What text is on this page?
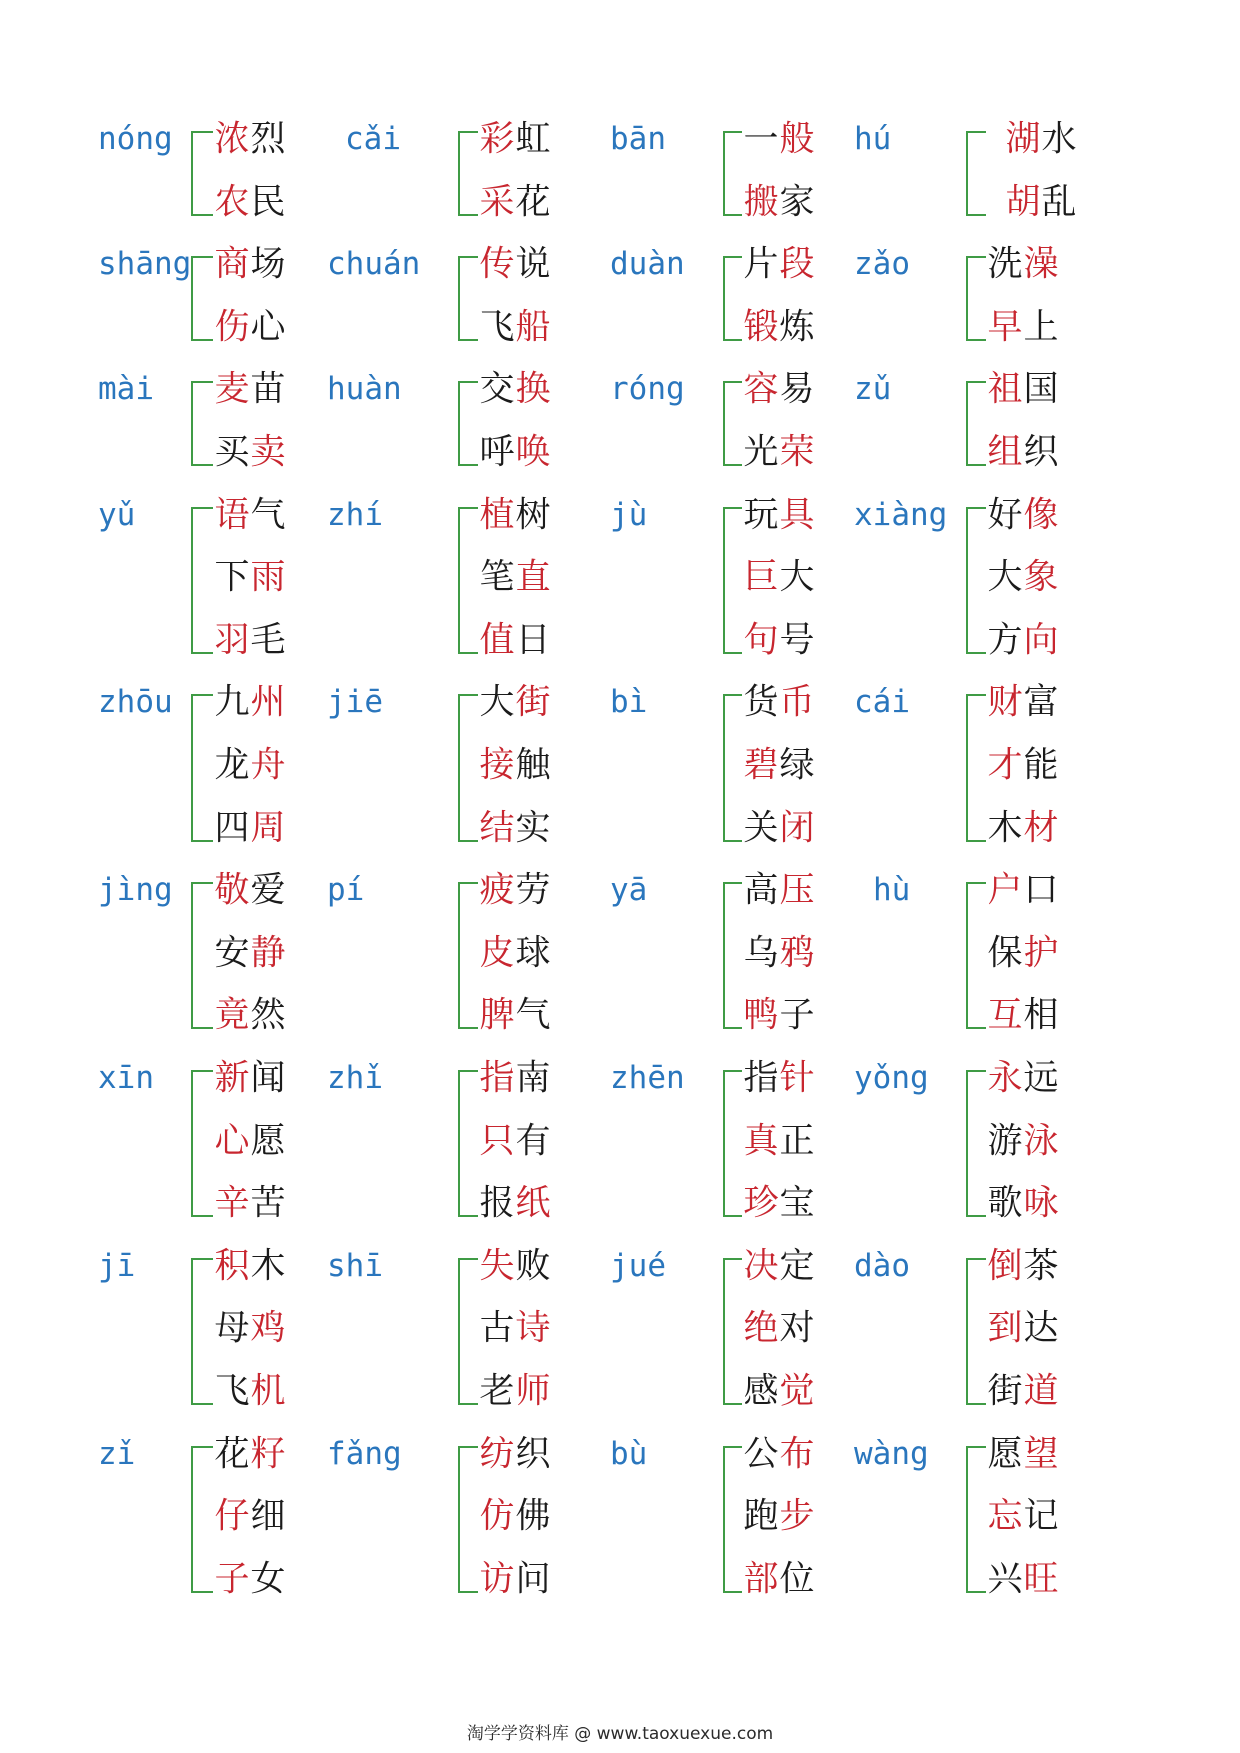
nóng 浓 烈
农 民
cǎi 彩 虹
采 花
bān 一 般
搬 家
hú	湖 水
胡 乱
shāng 商 场
伤 心
chuán 传 说
飞 船
duàn 片 段
锻 炼
zǎo 洗 澡
早 上
mài 麦 苗
买 卖
huàn 交 换
呼 唤
róng 容 易
光 荣
zǔ	祖 国
组 织
yǔ 语 气
下 雨
羽 毛
zhí	植 树
笔 直
值 日
jù	玩 具
巨 大
句 号
xiàng 好 像
大 象
方 向
zhōu 九 州
龙 舟
四 周
jiē	大 街
接 触
结 实
bì	货 币
碧 绿
关 闭
cái 财 富
才 能
木 材
jìng 敬 爱
安 静
竟 然
pí	疲 劳
皮 球
脾 气
yā	高 压
乌 鸦
鸭 子
hù 户 口
保 护
互 相
xīn 新 闻
心 愿
辛 苦
zhǐ	指 南
只 有
报 纸
zhēn 指 针
真 正
珍 宝
yǒng 永 远
游 泳
歌 咏
jī 积 木
母 鸡
飞 机
shī	失 败
古 诗
老 师
jué 决 定
绝 对
感 觉
dào 倒 茶
到 达
街 道
zǐ 花 籽
仔 细
子 女
fǎng 纺 织
仿 佛
访 问
bù	公 布
跑 步
部 位
wàng 愿 望
忘 记
兴 旺
淘学学资料库 @ www.taoxuexue.com
